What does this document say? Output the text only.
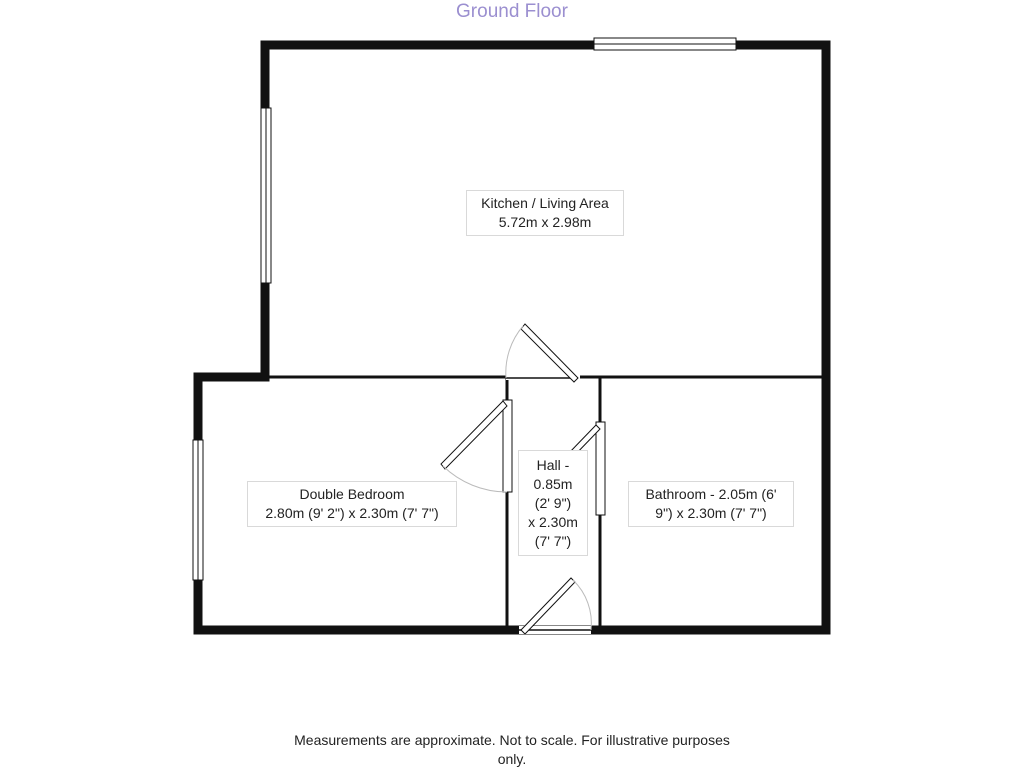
Ground Floor
Kitchen / Living Area
5.72m x 2.98m
Double Bedroom
2.80m (9' 2") x 2.30m (7' 7")
Hall -
0.85m
(2' 9")
x 2.30m
(7' 7")
Bathroom - 2.05m (6'
9") x 2.30m (7' 7")
Measurements are approximate. Not to scale. For illustrative purposes
only.
